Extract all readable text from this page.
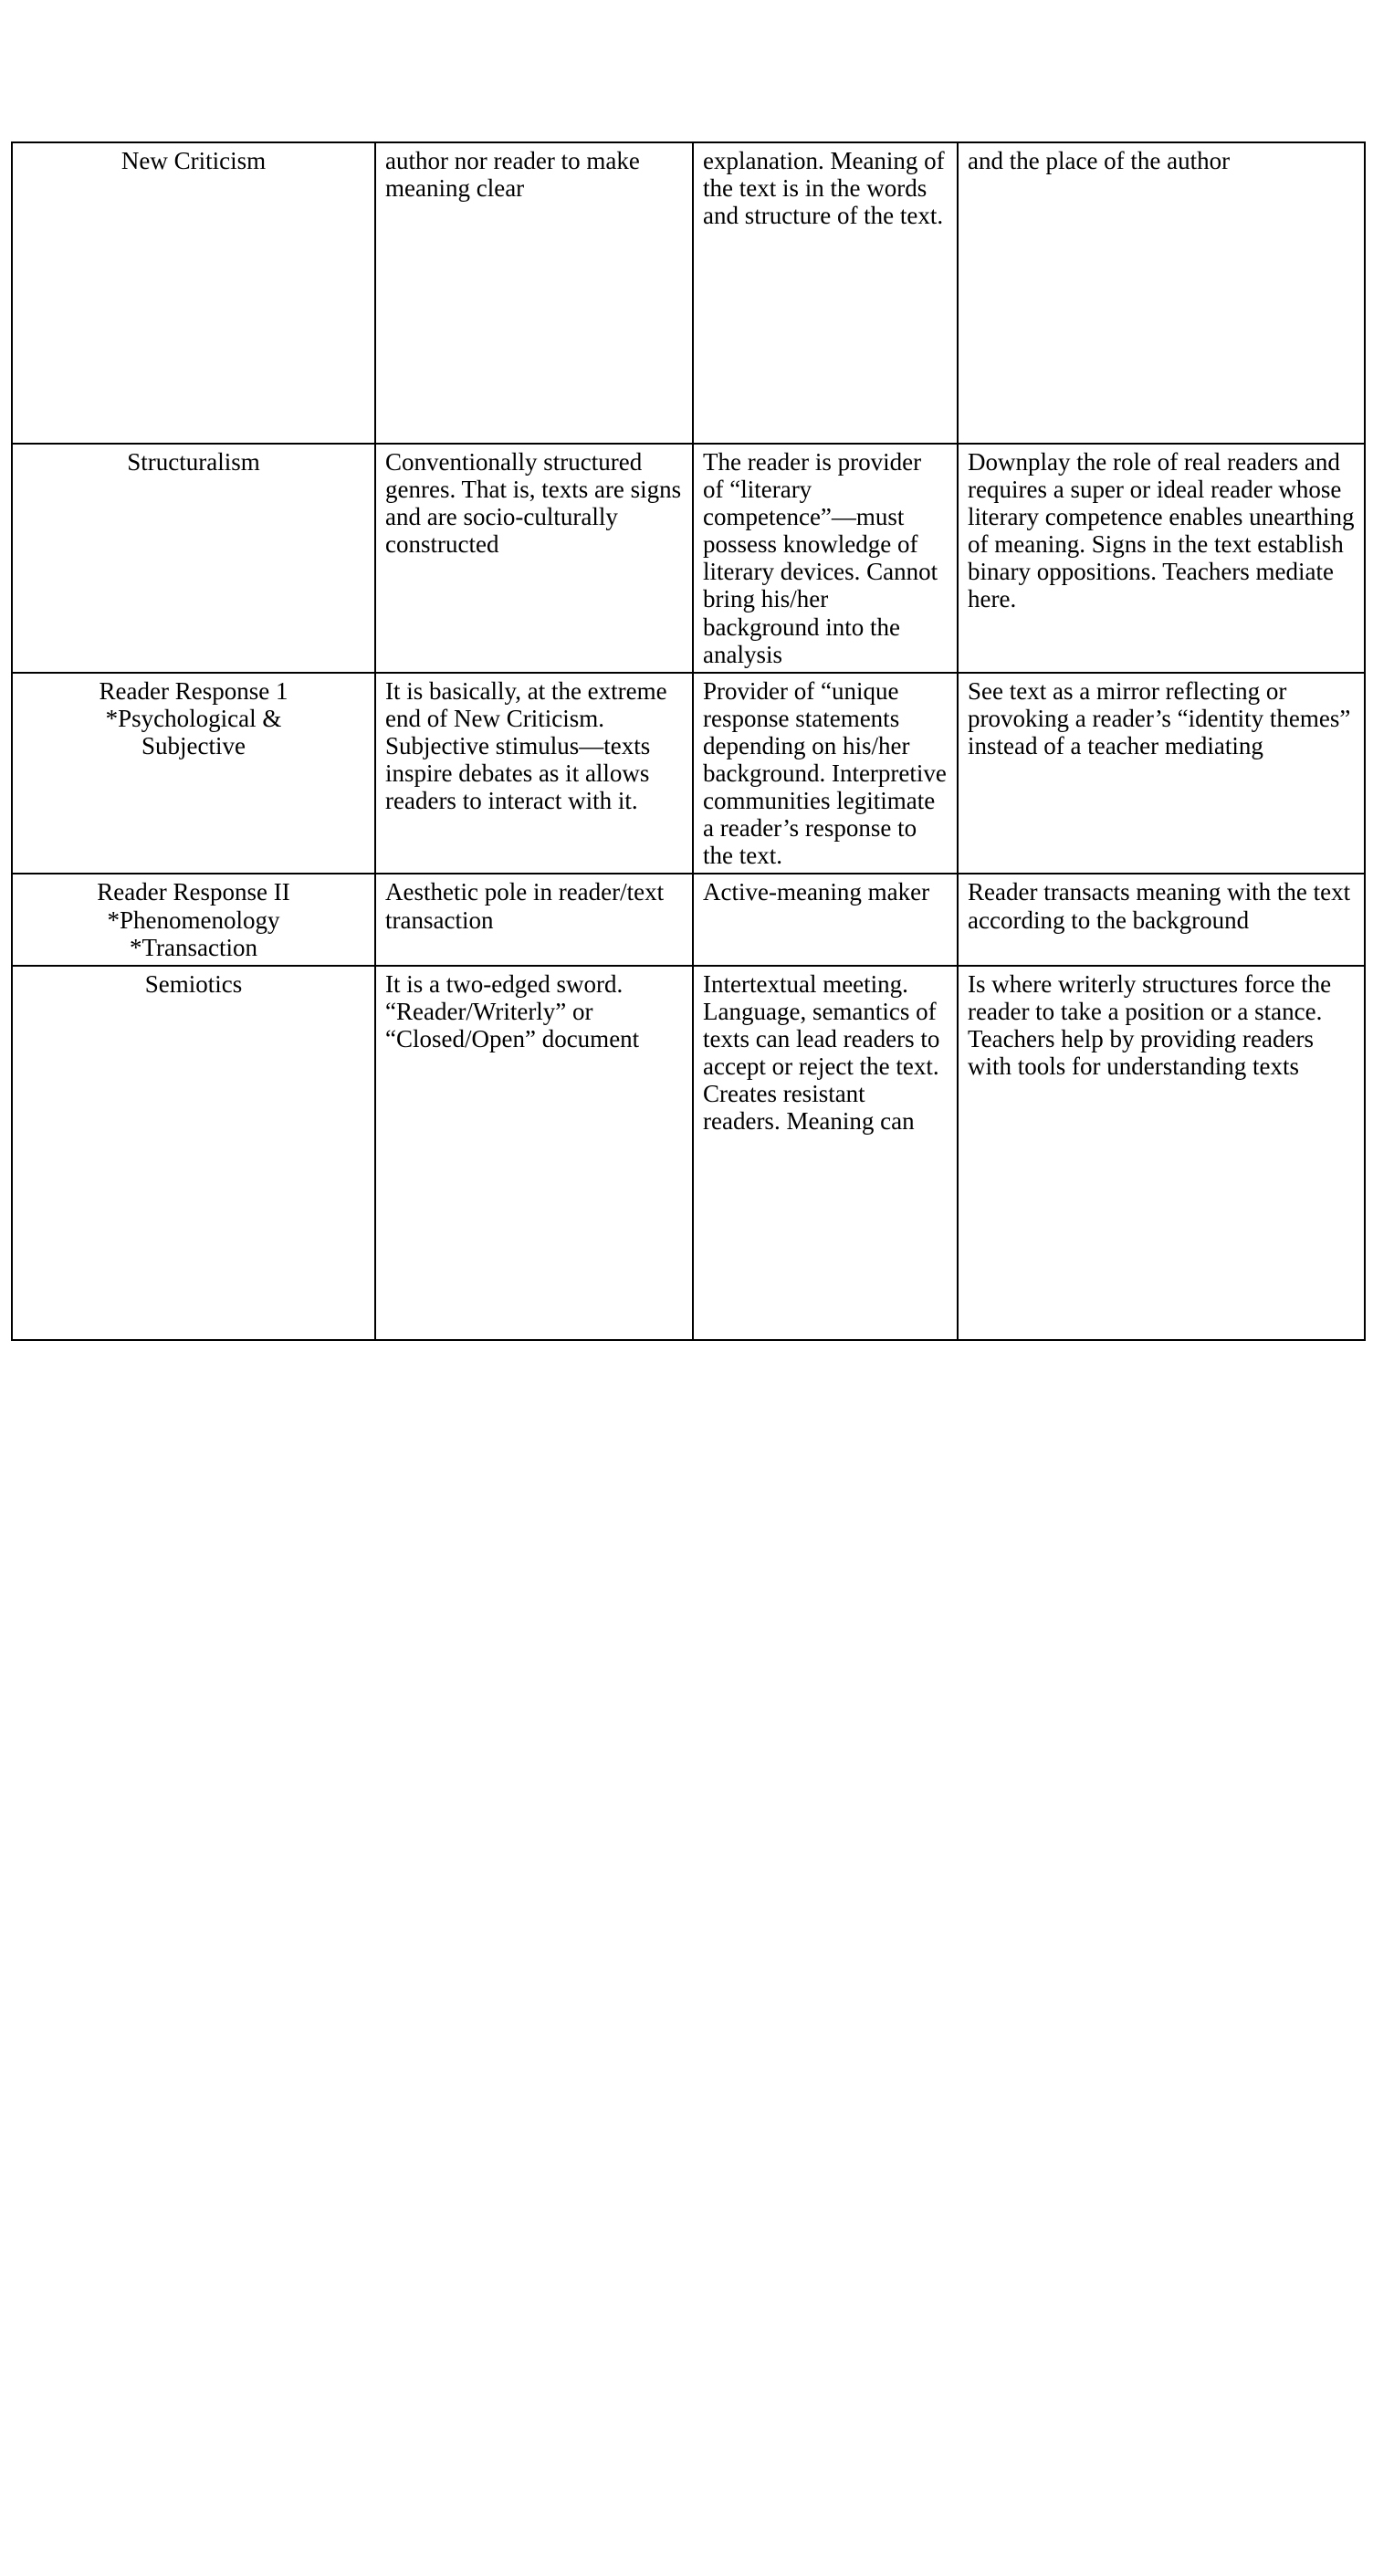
New Criticism	author nor reader to make meaning clear	explanation. Meaning of the text is in the words and structure of the text.	and the place of the author

Structuralism	Conventionally structured genres. That is, texts are signs and are socio-culturally constructed	The reader is provider of “literary competence”—must possess knowledge of literary devices. Cannot bring his/her background into the analysis	Downplay the role of real readers and requires a super or ideal reader whose literary competence enables unearthing of meaning. Signs in the text establish binary oppositions. Teachers mediate here.

Reader Response 1
*Psychological &
Subjective	It is basically, at the extreme end of New Criticism. Subjective stimulus—texts inspire debates as it allows readers to interact with it.	Provider of “unique response statements depending on his/her background. Interpretive communities legitimate a reader’s response to the text.	See text as a mirror reflecting or provoking a reader’s “identity themes” instead of a teacher mediating

Reader Response II
*Phenomenology
*Transaction	Aesthetic pole in reader/text transaction	Active-meaning maker	Reader transacts meaning with the text according to the background

Semiotics	It is a two-edged sword. “Reader/Writerly” or “Closed/Open” document	Intertextual meeting. Language, semantics of texts can lead readers to accept or reject the text. Creates resistant readers. Meaning can	Is where writerly structures force the reader to take a position or a stance. Teachers help by providing readers with tools for understanding texts
